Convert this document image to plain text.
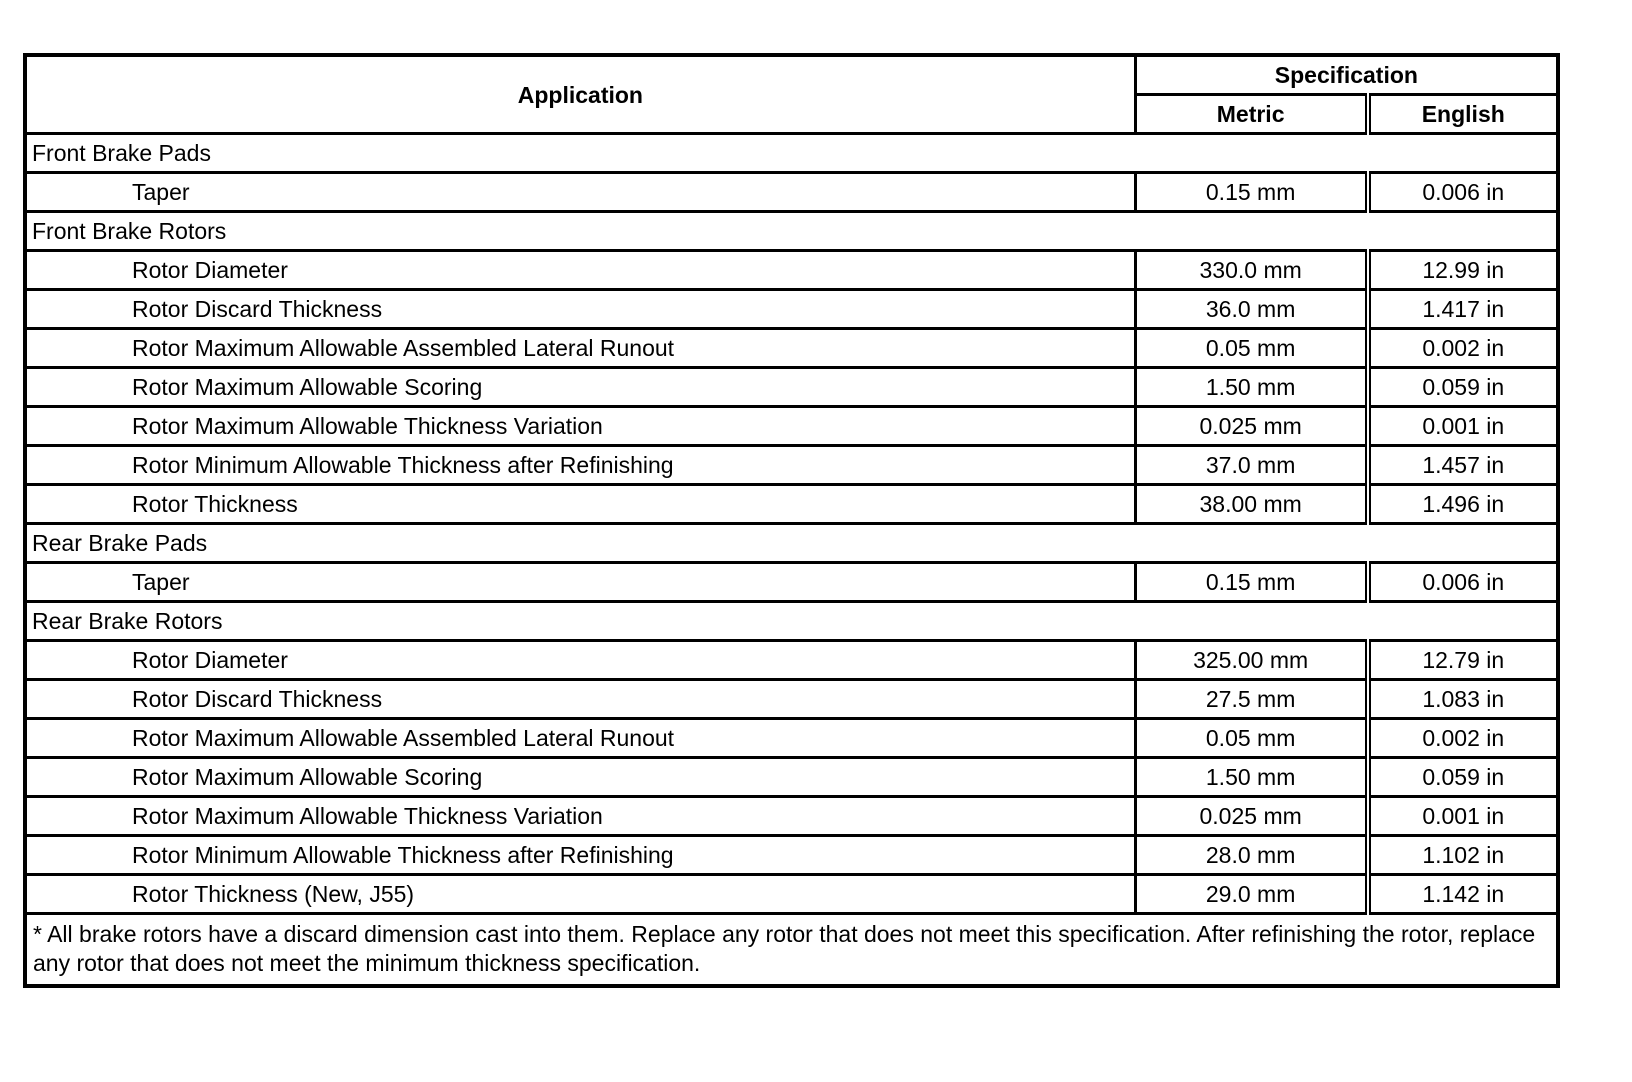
Application	Specification	
	Metric	English
Front Brake Pads		
Taper	0.15 mm	0.006 in
Front Brake Rotors		
Rotor Diameter	330.0 mm	12.99 in
Rotor Discard Thickness	36.0 mm	1.417 in
Rotor Maximum Allowable Assembled Lateral Runout	0.05 mm	0.002 in
Rotor Maximum Allowable Scoring	1.50 mm	0.059 in
Rotor Maximum Allowable Thickness Variation	0.025 mm	0.001 in
Rotor Minimum Allowable Thickness after Refinishing	37.0 mm	1.457 in
Rotor Thickness	38.00 mm	1.496 in
Rear Brake Pads		
Taper	0.15 mm	0.006 in
Rear Brake Rotors		
Rotor Diameter	325.00 mm	12.79 in
Rotor Discard Thickness	27.5 mm	1.083 in
Rotor Maximum Allowable Assembled Lateral Runout	0.05 mm	0.002 in
Rotor Maximum Allowable Scoring	1.50 mm	0.059 in
Rotor Maximum Allowable Thickness Variation	0.025 mm	0.001 in
Rotor Minimum Allowable Thickness after Refinishing	28.0 mm	1.102 in
Rotor Thickness (New, J55)	29.0 mm	1.142 in
* All brake rotors have a discard dimension cast into them. Replace any rotor that does not meet this specification. After refinishing the rotor, replace any rotor that does not meet the minimum thickness specification.		
